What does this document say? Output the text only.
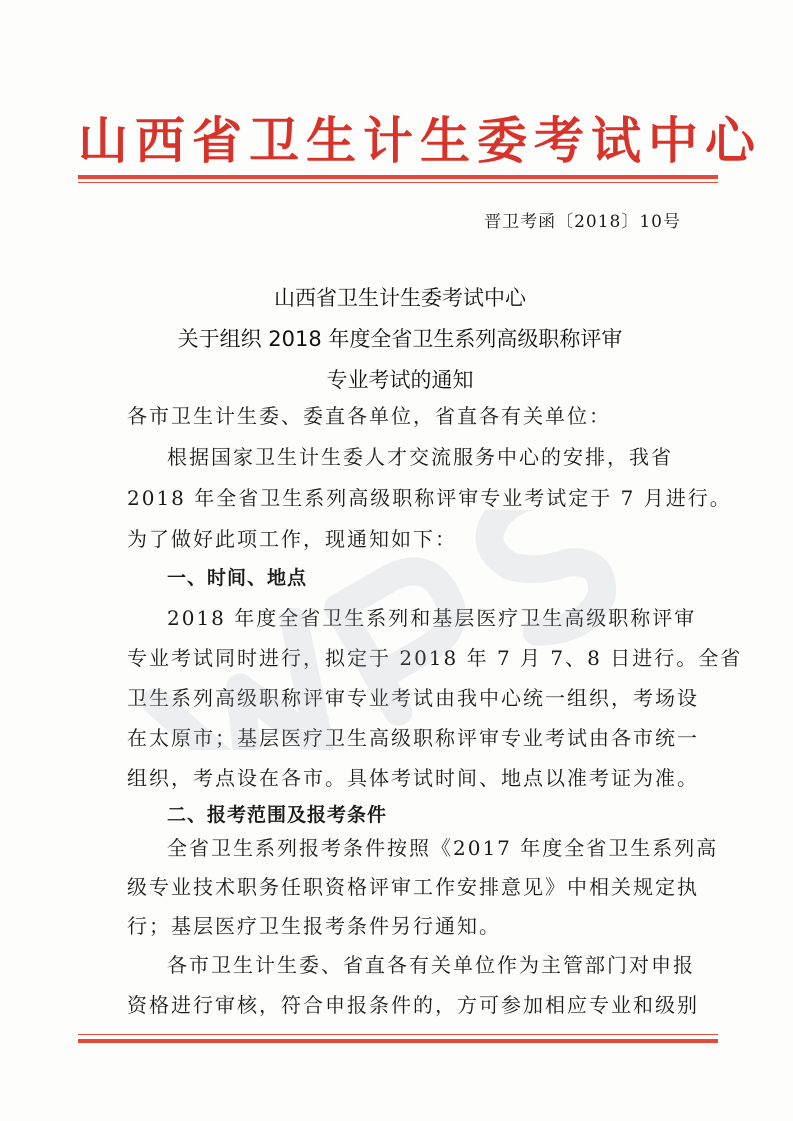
山西省卫生计生委考试中心
晋卫考函〔2018〕10号
山西省卫生计生委考试中心
关于组织 2018 年度全省卫生系列高级职称评审
专业考试的通知
各市卫生计生委、委直各单位，省直各有关单位：
根据国家卫生计生委人才交流服务中心的安排，我省
2018 年全省卫生系列高级职称评审专业考试定于 7 月进行。
为了做好此项工作，现通知如下：
一、时间、地点
2018 年度全省卫生系列和基层医疗卫生高级职称评审
专业考试同时进行，拟定于 2018 年 7 月 7、8 日进行。全省
卫生系列高级职称评审专业考试由我中心统一组织，考场设
在太原市；基层医疗卫生高级职称评审专业考试由各市统一
组织，考点设在各市。具体考试时间、地点以准考证为准。
二、报考范围及报考条件
全省卫生系列报考条件按照《2017 年度全省卫生系列高
级专业技术职务任职资格评审工作安排意见》中相关规定执
行；基层医疗卫生报考条件另行通知。
各市卫生计生委、省直各有关单位作为主管部门对申报
资格进行审核，符合申报条件的，方可参加相应专业和级别
